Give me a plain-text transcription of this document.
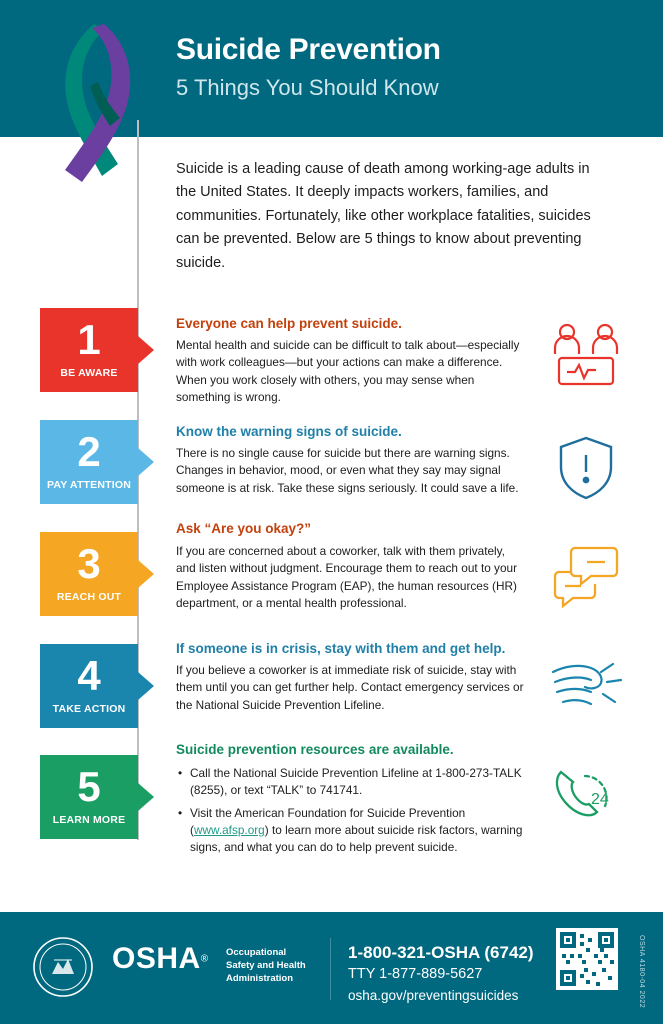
Suicide Prevention
5 Things You Should Know
Suicide is a leading cause of death among working-age adults in the United States. It deeply impacts workers, families, and communities. Fortunately, like other workplace fatalities, suicides can be prevented. Below are 5 things to know about preventing suicide.
1
BE AWARE
Everyone can help prevent suicide.
Mental health and suicide can be difficult to talk about—especially with work colleagues—but your actions can make a difference. When you work closely with others, you may sense when something is wrong.
2
PAY ATTENTION
Know the warning signs of suicide.
There is no single cause for suicide but there are warning signs. Changes in behavior, mood, or even what they say may signal someone is at risk. Take these signs seriously. It could save a life.
3
REACH OUT
Ask “Are you okay?”
If you are concerned about a coworker, talk with them privately, and listen without judgment. Encourage them to reach out to your Employee Assistance Program (EAP), the human resources (HR) department, or a mental health professional.
4
TAKE ACTION
If someone is in crisis, stay with them and get help.
If you believe a coworker is at immediate risk of suicide, stay with them until you can get further help. Contact emergency services or the National Suicide Prevention Lifeline.
5
LEARN MORE
Suicide prevention resources are available.
• Call the National Suicide Prevention Lifeline at 1-800-273-TALK (8255), or text “TALK” to 741741.
• Visit the American Foundation for Suicide Prevention (www.afsp.org) to learn more about suicide risk factors, warning signs, and what you can do to help prevent suicide.
24
OSHA®
Occupational
Safety and Health
Administration
1-800-321-OSHA (6742)
TTY 1-877-889-5627
osha.gov/preventingsuicides	OSHA 4180-04 2022
